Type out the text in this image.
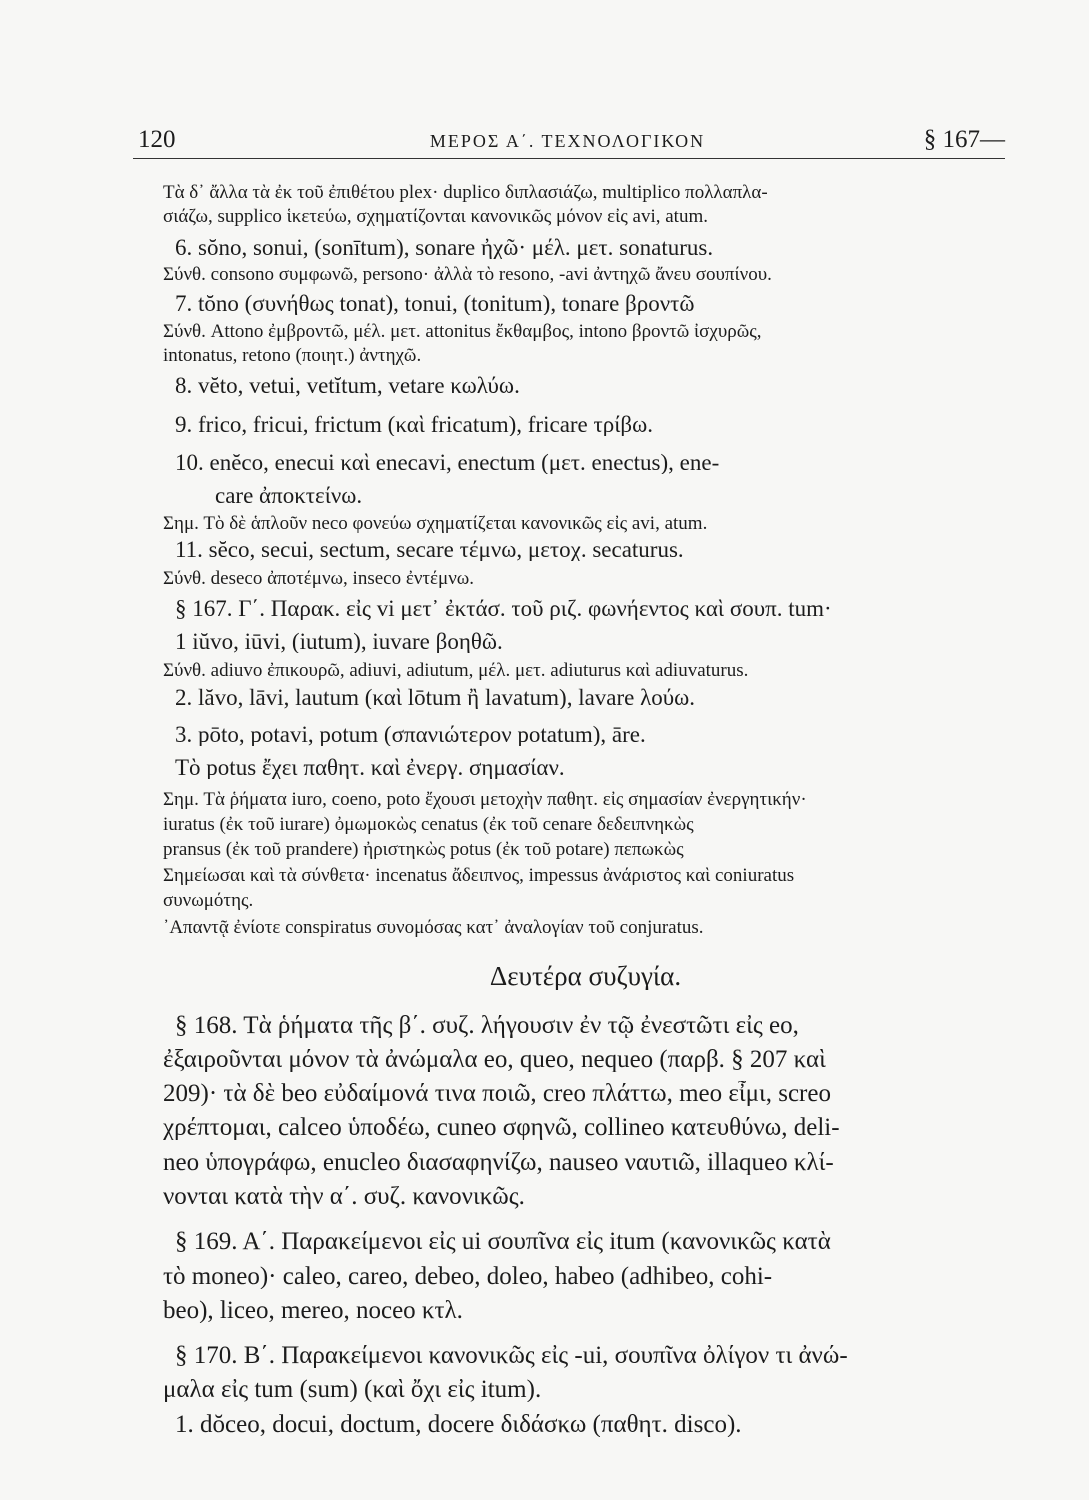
120	ΜΕΡΟΣ Α΄. ΤΕΧΝΟΛΟΓΙΚΟΝ	§ 167—

Τὰ δ᾽ ἄλλα τὰ ἐκ τοῦ ἐπιθέτου plex· duplico διπλασιάζω, multiplico πολλαπλα-

σιάζω, supplico ἱκετεύω, σχηματίζονται κανονικῶς μόνον εἰς avi, atum.

6. sŏno, sonui, (sonītum), sonare ἠχῶ· μέλ. μετ. sonaturus.

Σύνθ. consono συμφωνῶ, persono· ἀλλὰ τὸ resono, -avi ἀντηχῶ ἄνευ σουπίνου.

7. tŏno (συνήθως tonat), tonui, (tonitum), tonare βροντῶ

Σύνθ. Attono ἐμβροντῶ, μέλ. μετ. attonitus ἔκθαμβος, intono βροντῶ ἰσχυρῶς,

intonatus, retono (ποιητ.) ἀντηχῶ.

8. vĕto, vetui, vetĭtum, vetare κωλύω.

9. frico, fricui, frictum (καὶ fricatum), fricare τρίβω.

10. enĕco, enecui καὶ enecavi, enectum (μετ. enectus), ene-

care ἀποκτείνω.

Σημ. Τὸ δὲ ἁπλοῦν neco φονεύω σχηματίζεται κανονικῶς εἰς avi, atum.

11. sĕco, secui, sectum, secare τέμνω, μετοχ. secaturus.

Σύνθ. deseco ἀποτέμνω, inseco ἐντέμνω.

§ 167. Γ΄. Παρακ. εἰς vi μετ᾽ ἐκτάσ. τοῦ ριζ. φωνήεντος καὶ σουπ. tum·

1 iŭvo, iūvi, (iutum), iuvare βοηθῶ.

Σύνθ. adiuvo ἐπικουρῶ, adiuvi, adiutum, μέλ. μετ. adiuturus καὶ adiuvaturus.

2. lăvo, lāvi, lautum (καὶ lōtum ἢ lavatum), lavare λούω.

3. pōto, potavi, potum (σπανιώτερον potatum), āre.

Τὸ potus ἔχει παθητ. καὶ ἐνεργ. σημασίαν.

Σημ. Τὰ ῥήματα iuro, coeno, poto ἔχουσι μετοχὴν παθητ. εἰς σημασίαν ἐνεργητικήν·

iuratus (ἐκ τοῦ iurare) ὀμωμοκὼς cenatus (ἐκ τοῦ cenare δεδειπνηκὼς

pransus (ἐκ τοῦ prandere) ἠριστηκὼς potus (ἐκ τοῦ potare) πεπωκὼς

Σημείωσαι καὶ τὰ σύνθετα· incenatus ἄδειπνος, impessus ἀνάριστος καὶ coniuratus

συνωμότης.

᾽Απαντᾷ ἐνίοτε conspiratus συνομόσας κατ᾽ ἀναλογίαν τοῦ conjuratus.

Δευτέρα συζυγία.

§ 168. Τὰ ῥήματα τῆς β΄. συζ. λήγουσιν ἐν τῷ ἐνεστῶτι εἰς eo,

ἐξαιροῦνται μόνον τὰ ἀνώμαλα eo, queo, nequeo (παρβ. § 207 καὶ

209)· τὰ δὲ beo εὐδαίμονά τινα ποιῶ, creo πλάττω, meo εἶμι, screo

χρέπτομαι, calceo ὑποδέω, cuneo σφηνῶ, collineo κατευθύνω, deli-

neo ὑπογράφω, enucleo διασαφηνίζω, nauseo ναυτιῶ, illaqueo κλί-

νονται κατὰ τὴν α΄. συζ. κανονικῶς.

§ 169. Α΄. Παρακείμενοι εἰς ui σουπῖνα εἰς itum (κανονικῶς κατὰ

τὸ moneo)· caleo, careo, debeo, doleo, habeo (adhibeo, cohi-

beo), liceo, mereo, noceo κτλ.

§ 170. Β΄. Παρακείμενοι κανονικῶς εἰς -ui, σουπῖνα ὀλίγον τι ἀνώ-

μαλα εἰς tum (sum) (καὶ ὄχι εἰς itum).

1. dŏceo, docui, doctum, docere διδάσκω (παθητ. disco).
